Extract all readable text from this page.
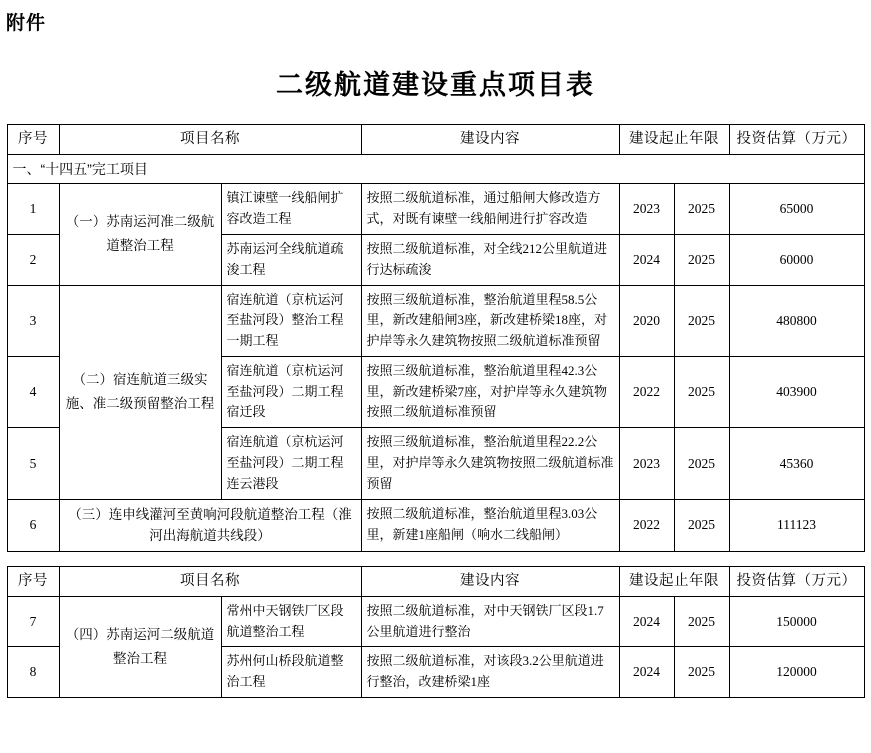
附件
二级航道建设重点项目表
序号	项目名称		建设内容	建设起止年限		投资估算（万元）
一、“十四五”完工项目						
1	（一）苏南运河准二级航道整治工程	镇江谏壁一线船闸扩容改造工程	按照二级航道标准，通过船闸大修改造方式，对既有谏壁一线船闸进行扩容改造	2023	2025	65000
2		苏南运河全线航道疏浚工程	按照二级航道标准，对全线212公里航道进行达标疏浚	2024	2025	60000
3	（二）宿连航道三级实施、准二级预留整治工程	宿连航道（京杭运河至盐河段）整治工程一期工程	按照三级航道标准，整治航道里程58.5公里，新改建船闸3座，新改建桥梁18座，对护岸等永久建筑物按照二级航道标准预留	2020	2025	480800
4		宿连航道（京杭运河至盐河段）二期工程宿迁段	按照三级航道标准，整治航道里程42.3公里，新改建桥梁7座，对护岸等永久建筑物按照二级航道标准预留	2022	2025	403900
5		宿连航道（京杭运河至盐河段）二期工程连云港段	按照三级航道标准，整治航道里程22.2公里，对护岸等永久建筑物按照二级航道标准预留	2023	2025	45360
6	（三）连申线灌河至黄响河段航道整治工程（淮河出海航道共线段）		按照二级航道标准，整治航道里程3.03公里，新建1座船闸（响水二线船闸）	2022	2025	111123
序号	项目名称		建设内容	建设起止年限		投资估算（万元）
7	（四）苏南运河二级航道整治工程	常州中天钢铁厂区段航道整治工程	按照二级航道标准，对中天钢铁厂区段1.7公里航道进行整治	2024	2025	150000
8		苏州何山桥段航道整治工程	按照二级航道标准，对该段3.2公里航道进行整治，改建桥梁1座	2024	2025	120000
